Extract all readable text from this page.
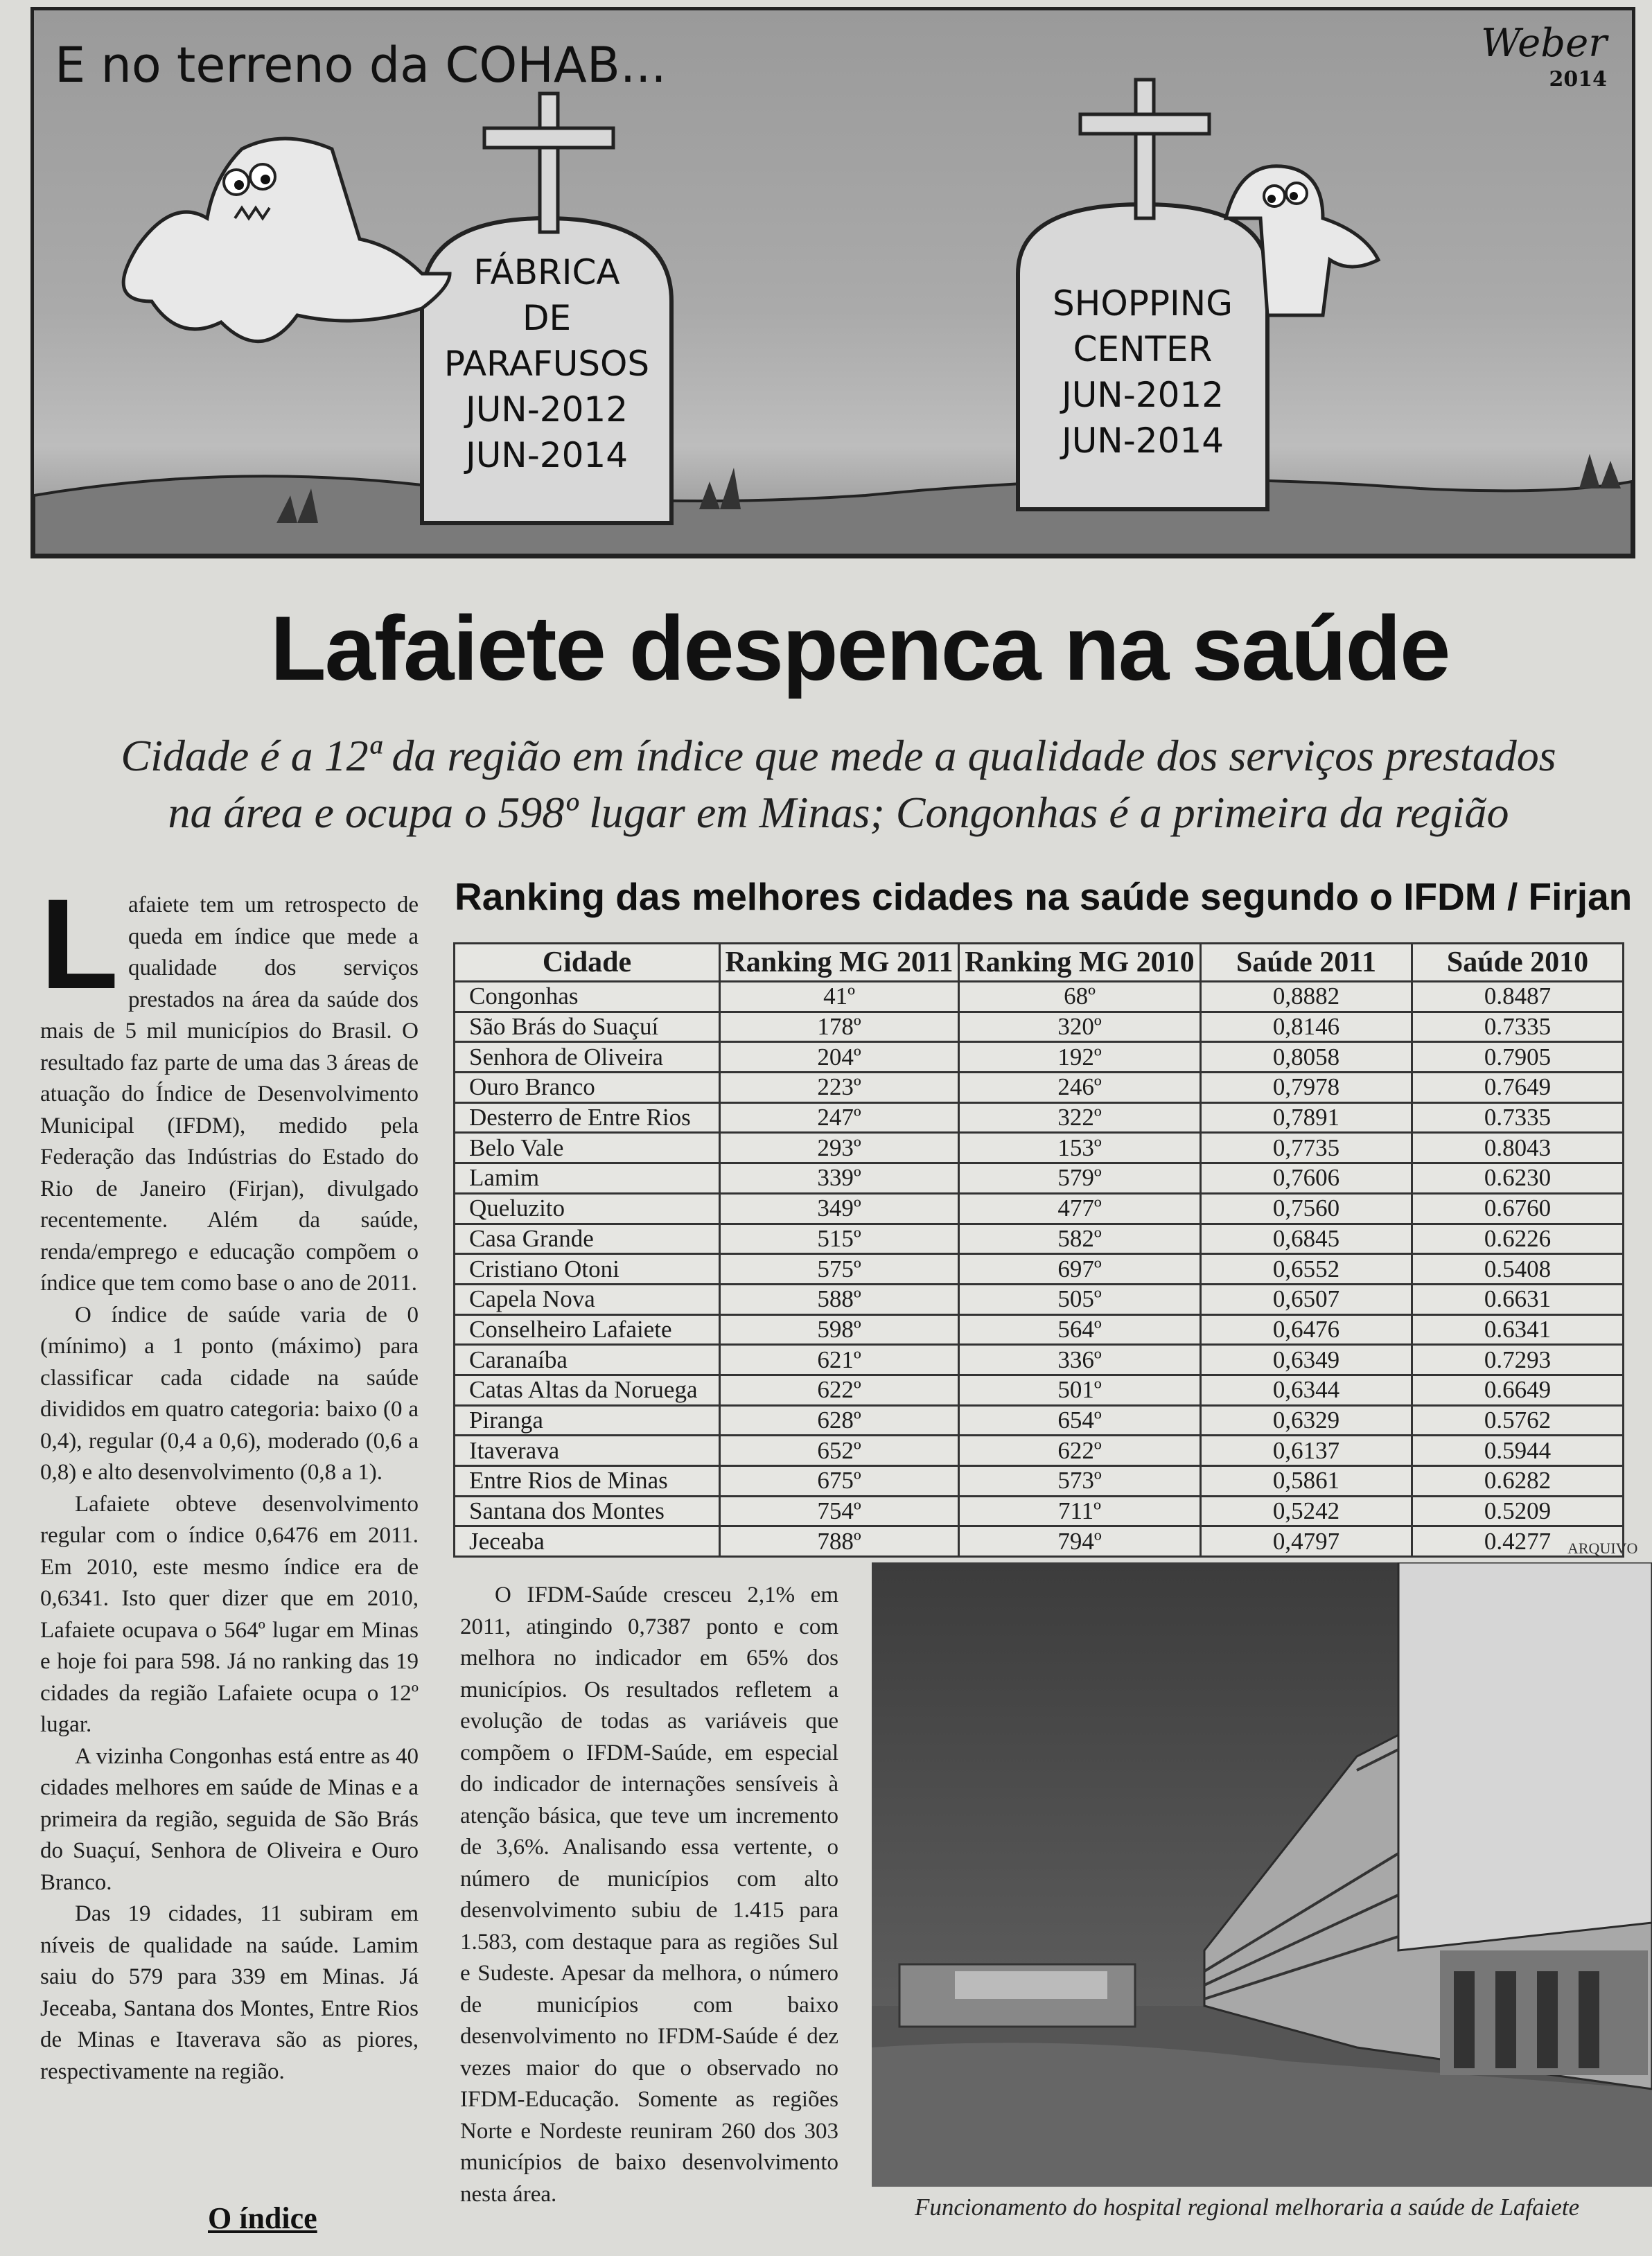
E no terreno da COHAB...	Weber
2014
FÁBRICA
DE
PARAFUSOS
JUN-2012
JUN-2014
SHOPPING
CENTER
JUN-2012
JUN-2014
Lafaiete despenca na saúde
Cidade é a 12ª da região em índice que mede a qualidade dos serviços prestados
na área e ocupa o 598º lugar em Minas; Congonhas é a primeira da região

Lafaiete tem um retrospecto de queda em índice que mede a qualidade dos serviços prestados na área da saúde dos mais de 5 mil municípios do Brasil. O resultado faz parte de uma das 3 áreas de atuação do Índice de Desenvolvimento Municipal (IFDM), medido pela Federação das Indústrias do Estado do Rio de Janeiro (Firjan), divulgado recentemente. Além da saúde, renda/emprego e educação compõem o índice que tem como base o ano de 2011.

O índice de saúde varia de 0 (mínimo) a 1 ponto (máximo) para classificar cada cidade na saúde divididos em quatro categoria: baixo (0 a 0,4), regular (0,4 a 0,6), moderado (0,6 a 0,8) e alto desenvolvimento (0,8 a 1).

Lafaiete obteve desenvolvimento regular com o índice 0,6476 em 2011. Em 2010, este mesmo índice era de 0,6341. Isto quer dizer que em 2010, Lafaiete ocupava o 564º lugar em Minas e hoje foi para 598. Já no ranking das 19 cidades da região Lafaiete ocupa o 12º lugar.

A vizinha Congonhas está entre as 40 cidades melhores em saúde de Minas e a primeira da região, seguida de São Brás do Suaçuí, Senhora de Oliveira e Ouro Branco.

Das 19 cidades, 11 subiram em níveis de qualidade na saúde. Lamim saiu do 579 para 339 em Minas. Já Jeceaba, Santana dos Montes, Entre Rios de Minas e Itaverava são as piores, respectivamente na região.

O índice
Ranking das melhores cidades na saúde segundo o IFDM / Firjan
Cidade	Ranking MG 2011	Ranking MG 2010	Saúde 2011	Saúde 2010
Congonhas	41º	68º	0,8882	0.8487
São Brás do Suaçuí	178º	320º	0,8146	0.7335
Senhora de Oliveira	204º	192º	0,8058	0.7905
Ouro Branco	223º	246º	0,7978	0.7649
Desterro de Entre Rios	247º	322º	0,7891	0.7335
Belo Vale	293º	153º	0,7735	0.8043
Lamim	339º	579º	0,7606	0.6230
Queluzito	349º	477º	0,7560	0.6760
Casa Grande	515º	582º	0,6845	0.6226
Cristiano Otoni	575º	697º	0,6552	0.5408
Capela Nova	588º	505º	0,6507	0.6631
Conselheiro Lafaiete	598º	564º	0,6476	0.6341
Caranaíba	621º	336º	0,6349	0.7293
Catas Altas da Noruega	622º	501º	0,6344	0.6649
Piranga	628º	654º	0,6329	0.5762
Itaverava	652º	622º	0,6137	0.5944
Entre Rios de Minas	675º	573º	0,5861	0.6282
Santana dos Montes	754º	711º	0,5242	0.5209
Jeceaba	788º	794º	0,4797	0.4277 ARQUIVO

O IFDM-Saúde cresceu 2,1% em 2011, atingindo 0,7387 ponto e com melhora no indicador em 65% dos municípios. Os resultados refletem a evolução de todas as variáveis que compõem o IFDM-Saúde, em especial do indicador de internações sensíveis à atenção básica, que teve um incremento de 3,6%. Analisando essa vertente, o número de municípios com alto desenvolvimento subiu de 1.415 para 1.583, com destaque para as regiões Sul e Sudeste. Apesar da melhora, o número de municípios com baixo desenvolvimento no IFDM-Saúde é dez vezes maior do que o observado no IFDM-Educação. Somente as regiões Norte e Nordeste reuniram 260 dos 303 municípios de baixo desenvolvimento nesta área.	Funcionamento do hospital regional melhoraria a saúde de Lafaiete
